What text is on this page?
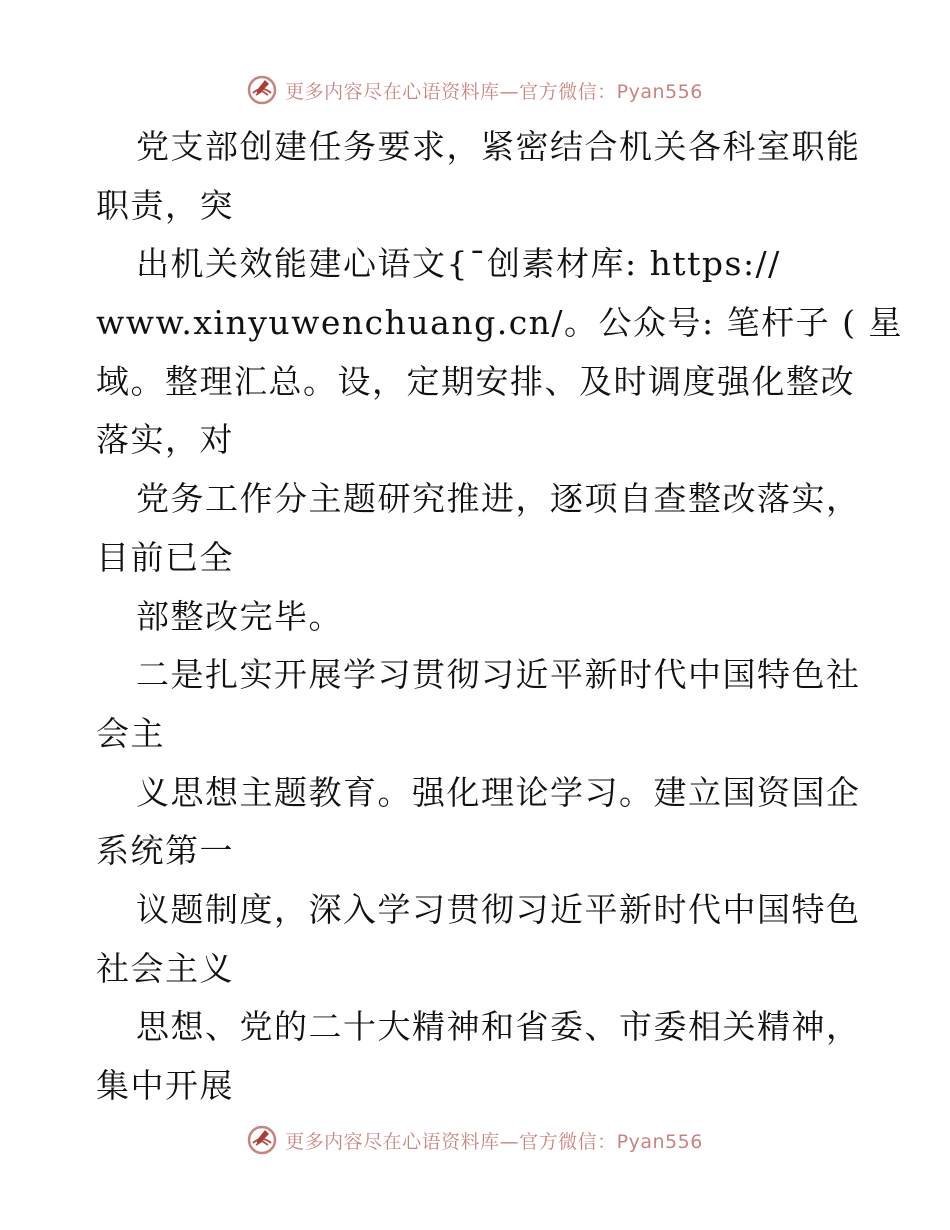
更多内容尽在心语资料库—官方微信：Pyan556
党支部创建任务要求，紧密结合机关各科室职能
职责，突
出机关效能建心语文{¯创素材库: https://
www.xinyuwenchuang.cn/。公众号: 笔杆子 ( 星
域。整理汇总。设，定期安排、及时调度强化整改
落实，对
党务工作分主题研究推进，逐项自查整改落实，
目前已全
部整改完毕。
二是扎实开展学习贯彻习近平新时代中国特色社
会主
义思想主题教育。强化理论学习。建立国资国企
系统第一
议题制度，深入学习贯彻习近平新时代中国特色
社会主义
思想、党的二十大精神和省委、市委相关精神，
集中开展
更多内容尽在心语资料库—官方微信：Pyan556
